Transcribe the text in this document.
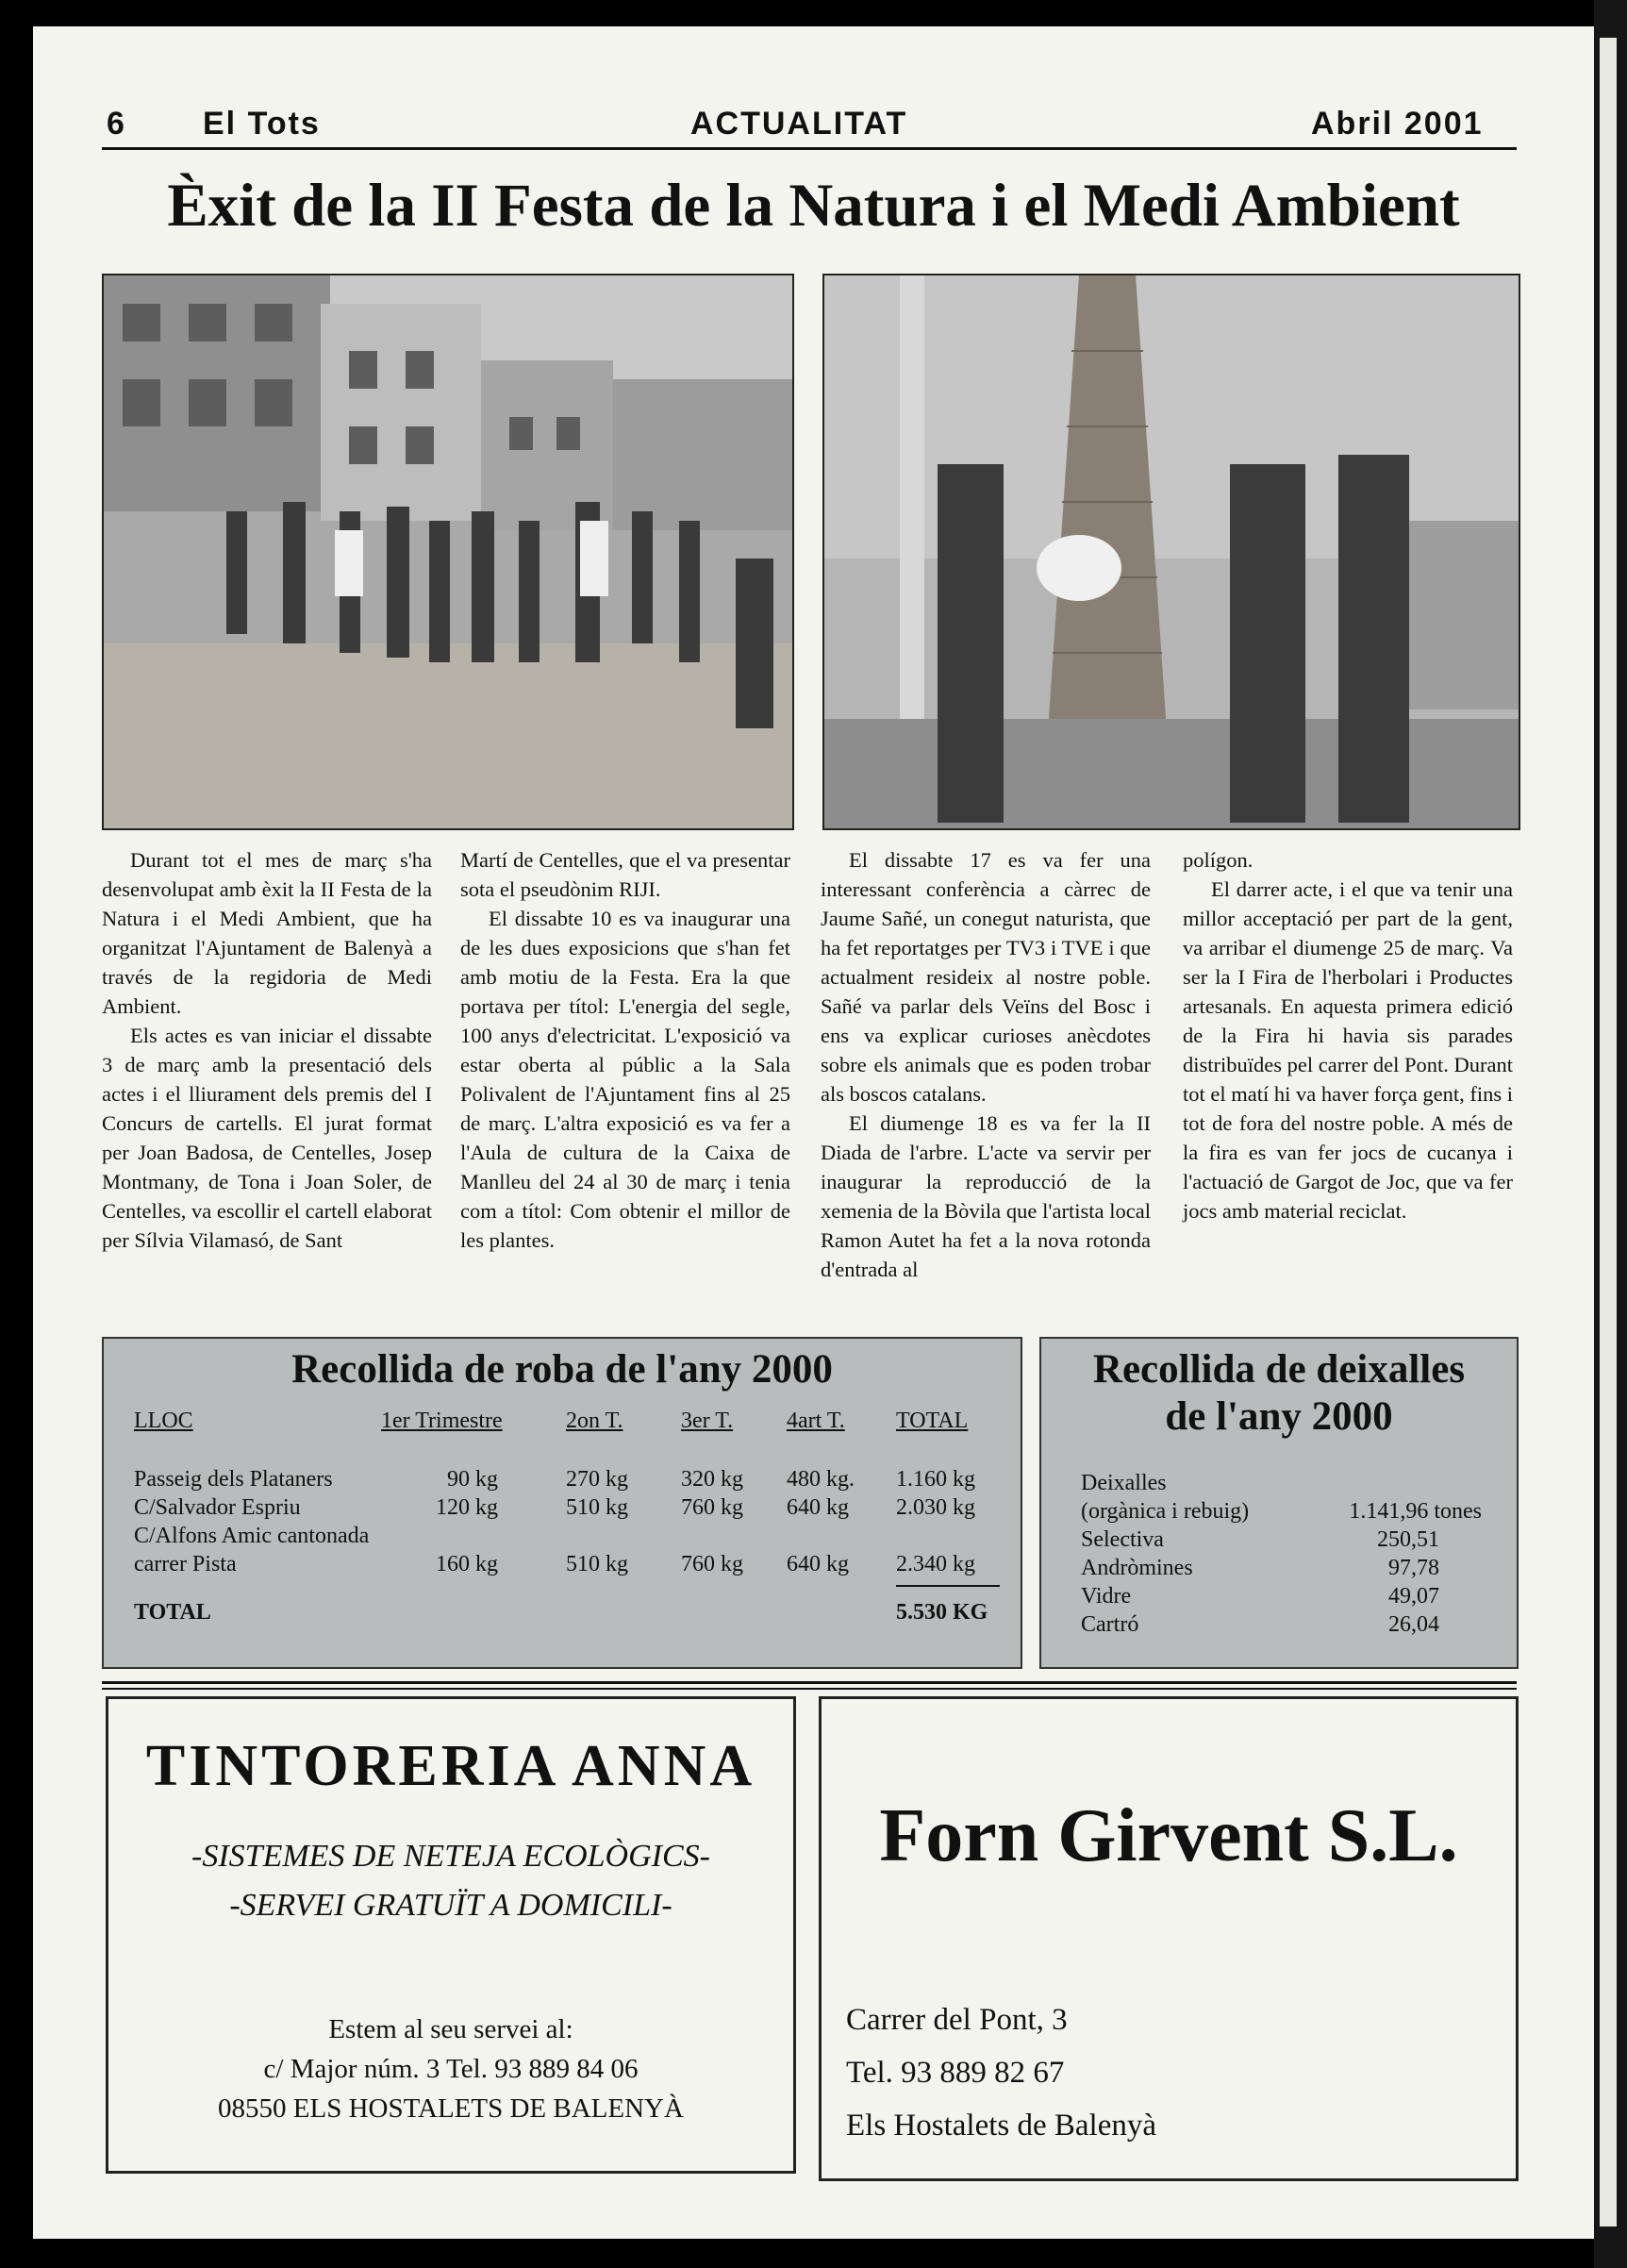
6 El Tots	ACTUALITAT	Abril 2001
Èxit de la II Festa de la Natura i el Medi Ambient

Durant tot el mes de març s'ha desenvolupat amb èxit la II Festa de la Natura i el Medi Ambient, que ha organitzat l'Ajuntament de Balenyà a través de la regidoria de Medi Ambient.

Els actes es van iniciar el dissabte 3 de març amb la presentació dels actes i el lliurament dels premis del I Concurs de cartells. El jurat format per Joan Badosa, de Centelles, Josep Montmany, de Tona i Joan Soler, de Centelles, va escollir el cartell elaborat per Sílvia Vilamasó, de Sant

Martí de Centelles, que el va presentar sota el pseudònim RIJI.

El dissabte 10 es va inaugurar una de les dues exposicions que s'han fet amb motiu de la Festa. Era la que portava per títol: L'energia del segle, 100 anys d'electricitat. L'exposició va estar oberta al públic a la Sala Polivalent de l'Ajuntament fins al 25 de març. L'altra exposició es va fer a l'Aula de cultura de la Caixa de Manlleu del 24 al 30 de març i tenia com a títol: Com obtenir el millor de les plantes.

El dissabte 17 es va fer una interessant conferència a càrrec de Jaume Sañé, un conegut naturista, que ha fet reportatges per TV3 i TVE i que actualment resideix al nostre poble. Sañé va parlar dels Veïns del Bosc i ens va explicar curioses anècdotes sobre els animals que es poden trobar als boscos catalans.

El diumenge 18 es va fer la II Diada de l'arbre. L'acte va servir per inaugurar la reproducció de la xemenia de la Bòvila que l'artista local Ramon Autet ha fet a la nova rotonda d'entrada al

polígon.

El darrer acte, i el que va tenir una millor acceptació per part de la gent, va arribar el diumenge 25 de març. Va ser la I Fira de l'herbolari i Productes artesanals. En aquesta primera edició de la Fira hi havia sis parades distribuïdes pel carrer del Pont. Durant tot el matí hi va haver força gent, fins i tot de fora del nostre poble. A més de la fira es van fer jocs de cucanya i l'actuació de Gargot de Joc, que va fer jocs amb material reciclat.

Recollida de roba de l'any 2000
LLOC	1er Trimestre	2on T.	3er T.	4art T.	TOTAL

Passeig dels Plataners	90 kg	270 kg	320 kg	480 kg.	1.160 kg
C/Salvador Espriu	120 kg	510 kg	760 kg	640 kg	2.030 kg
C/Alfons Amic cantonada					
carrer Pista	160 kg	510 kg	760 kg	640 kg	2.340 kg

TOTAL					5.530 KG
Recollida de deixalles
de l'any 2000
Deixalles	
(orgànica i rebuig)	1.141,96 tones
Selectiva	250,51
Andròmines	97,78
Vidre	49,07
Cartró	26,04
TINTORERIA ANNA
-SISTEMES DE NETEJA ECOLÒGICS-
-SERVEI GRATUÏT A DOMICILI-
Estem al seu servei al:
c/ Major núm. 3 Tel. 93 889 84 06
08550 ELS HOSTALETS DE BALENYÀ
Forn Girvent S.L.
Carrer del Pont, 3
Tel. 93 889 82 67
Els Hostalets de Balenyà
